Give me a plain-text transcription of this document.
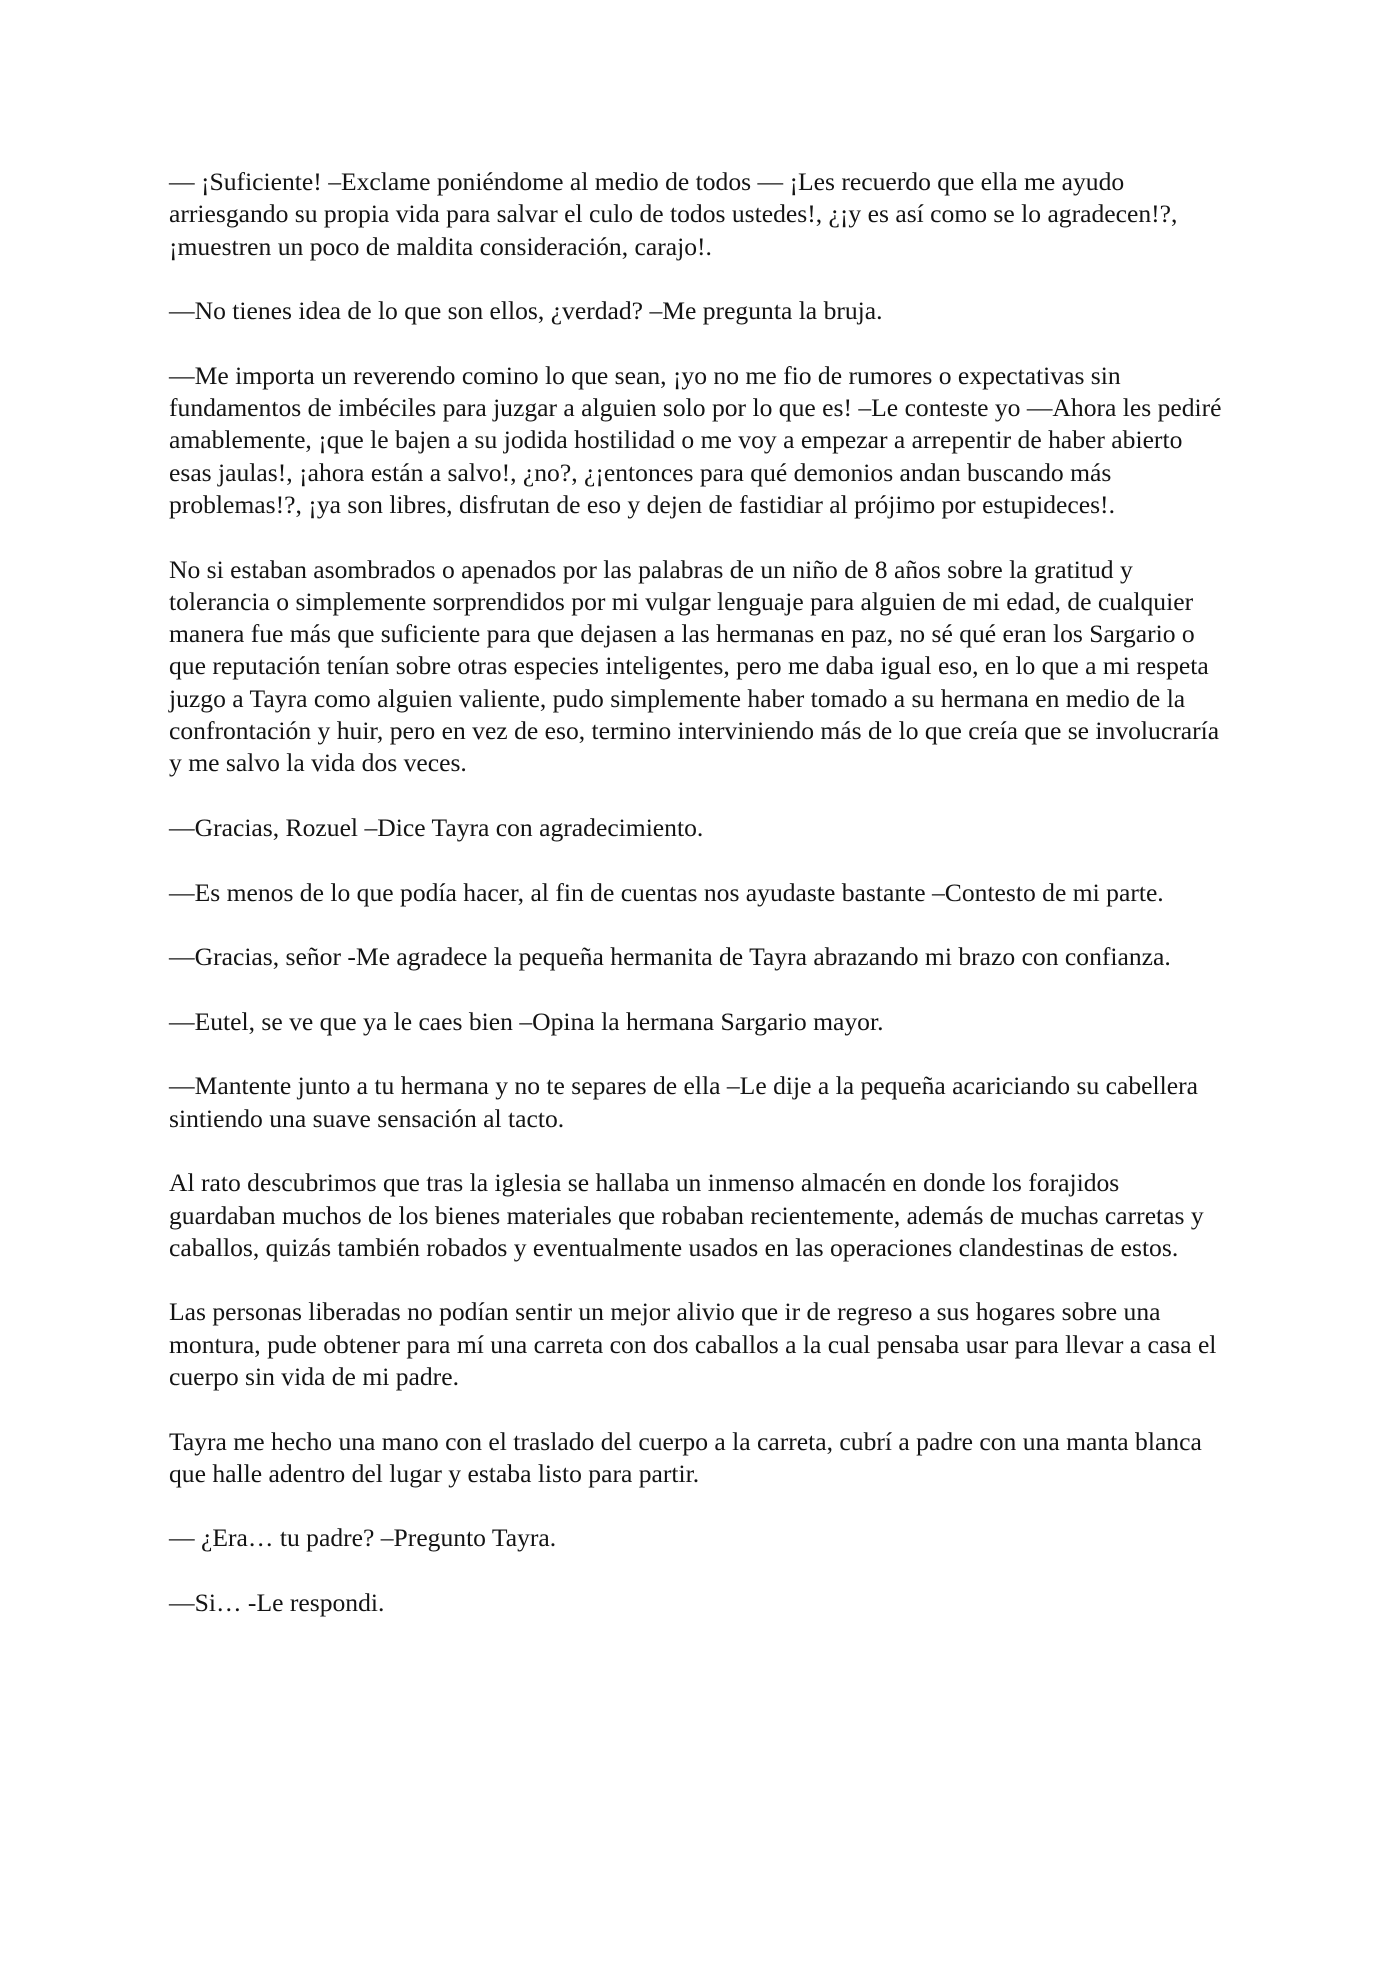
— ¡Suficiente! –Exclame poniéndome al medio de todos — ¡Les recuerdo que ella me ayudo arriesgando su propia vida para salvar el culo de todos ustedes!, ¿¡y es así como se lo agradecen!?, ¡muestren un poco de maldita consideración, carajo!.

—No tienes idea de lo que son ellos, ¿verdad? –Me pregunta la bruja.

—Me importa un reverendo comino lo que sean, ¡yo no me fio de rumores o expectativas sin fundamentos de imbéciles para juzgar a alguien solo por lo que es! –Le conteste yo —Ahora les pediré amablemente, ¡que le bajen a su jodida hostilidad o me voy a empezar a arrepentir de haber abierto esas jaulas!, ¡ahora están a salvo!, ¿no?, ¿¡entonces para qué demonios andan buscando más problemas!?, ¡ya son libres, disfrutan de eso y dejen de fastidiar al prójimo por estupideces!.

No si estaban asombrados o apenados por las palabras de un niño de 8 años sobre la gratitud y tolerancia o simplemente sorprendidos por mi vulgar lenguaje para alguien de mi edad, de cualquier manera fue más que suficiente para que dejasen a las hermanas en paz, no sé qué eran los Sargario o que reputación tenían sobre otras especies inteligentes, pero me daba igual eso, en lo que a mi respeta juzgo a Tayra como alguien valiente, pudo simplemente haber tomado a su hermana en medio de la confrontación y huir, pero en vez de eso, termino interviniendo más de lo que creía que se involucraría y me salvo la vida dos veces.

—Gracias, Rozuel –Dice Tayra con agradecimiento.

—Es menos de lo que podía hacer, al fin de cuentas nos ayudaste bastante –Contesto de mi parte.

—Gracias, señor -Me agradece la pequeña hermanita de Tayra abrazando mi brazo con confianza.

—Eutel, se ve que ya le caes bien –Opina la hermana Sargario mayor.

—Mantente junto a tu hermana y no te separes de ella –Le dije a la pequeña acariciando su cabellera sintiendo una suave sensación al tacto.

Al rato descubrimos que tras la iglesia se hallaba un inmenso almacén en donde los forajidos guardaban muchos de los bienes materiales que robaban recientemente, además de muchas carretas y caballos, quizás también robados y eventualmente usados en las operaciones clandestinas de estos.

Las personas liberadas no podían sentir un mejor alivio que ir de regreso a sus hogares sobre una montura, pude obtener para mí una carreta con dos caballos a la cual pensaba usar para llevar a casa el cuerpo sin vida de mi padre.

Tayra me hecho una mano con el traslado del cuerpo a la carreta, cubrí a padre con una manta blanca que halle adentro del lugar y estaba listo para partir.

— ¿Era… tu padre? –Pregunto Tayra.

—Si… -Le respondi.
